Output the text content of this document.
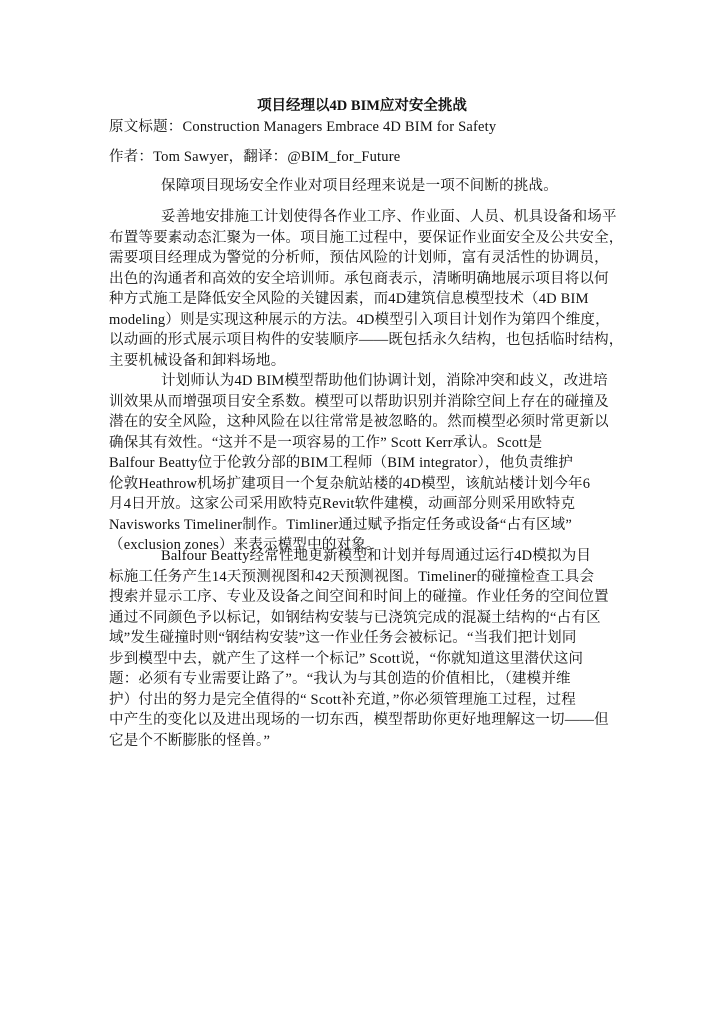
项目经理以4D BIM应对安全挑战
原文标题：Construction Managers Embrace 4D BIM for Safety
作者：Tom Sawyer，翻译：@BIM_for_Future
保障项目现场安全作业对项目经理来说是一项不间断的挑战。
妥善地安排施工计划使得各作业工序、作业面、人员、机具设备和场平
布置等要素动态汇聚为一体。项目施工过程中，要保证作业面安全及公共安全，
需要项目经理成为警觉的分析师，预估风险的计划师，富有灵活性的协调员，
出色的沟通者和高效的安全培训师。承包商表示，清晰明确地展示项目将以何
种方式施工是降低安全风险的关键因素，而4D建筑信息模型技术（4D BIM
modeling）则是实现这种展示的方法。4D模型引入项目计划作为第四个维度，
以动画的形式展示项目构件的安装顺序——既包括永久结构，也包括临时结构，
主要机械设备和卸料场地。
计划师认为4D BIM模型帮助他们协调计划，消除冲突和歧义，改进培
训效果从而增强项目安全系数。模型可以帮助识别并消除空间上存在的碰撞及
潜在的安全风险，这种风险在以往常常是被忽略的。然而模型必须时常更新以
确保其有效性。“这并不是一项容易的工作” Scott Kerr承认。Scott是
Balfour Beatty位于伦敦分部的BIM工程师（BIM integrator），他负责维护
伦敦Heathrow机场扩建项目一个复杂航站楼的4D模型，该航站楼计划今年6
月4日开放。这家公司采用欧特克Revit软件建模，动画部分则采用欧特克
Navisworks Timeliner制作。Timliner通过赋予指定任务或设备“占有区域”
（exclusion zones）来表示模型中的对象。
Balfour Beatty经常性地更新模型和计划并每周通过运行4D模拟为目
标施工任务产生14天预测视图和42天预测视图。Timeliner的碰撞检查工具会
搜索并显示工序、专业及设备之间空间和时间上的碰撞。作业任务的空间位置
通过不同颜色予以标记，如钢结构安装与已浇筑完成的混凝土结构的“占有区
域”发生碰撞时则“钢结构安装”这一作业任务会被标记。“当我们把计划同
步到模型中去，就产生了这样一个标记” Scott说，“你就知道这里潜伏这问
题：必须有专业需要让路了”。“我认为与其创造的价值相比，（建模并维
护）付出的努力是完全值得的“ Scott补充道，”你必须管理施工过程，过程
中产生的变化以及进出现场的一切东西，模型帮助你更好地理解这一切——但
它是个不断膨胀的怪兽。”
